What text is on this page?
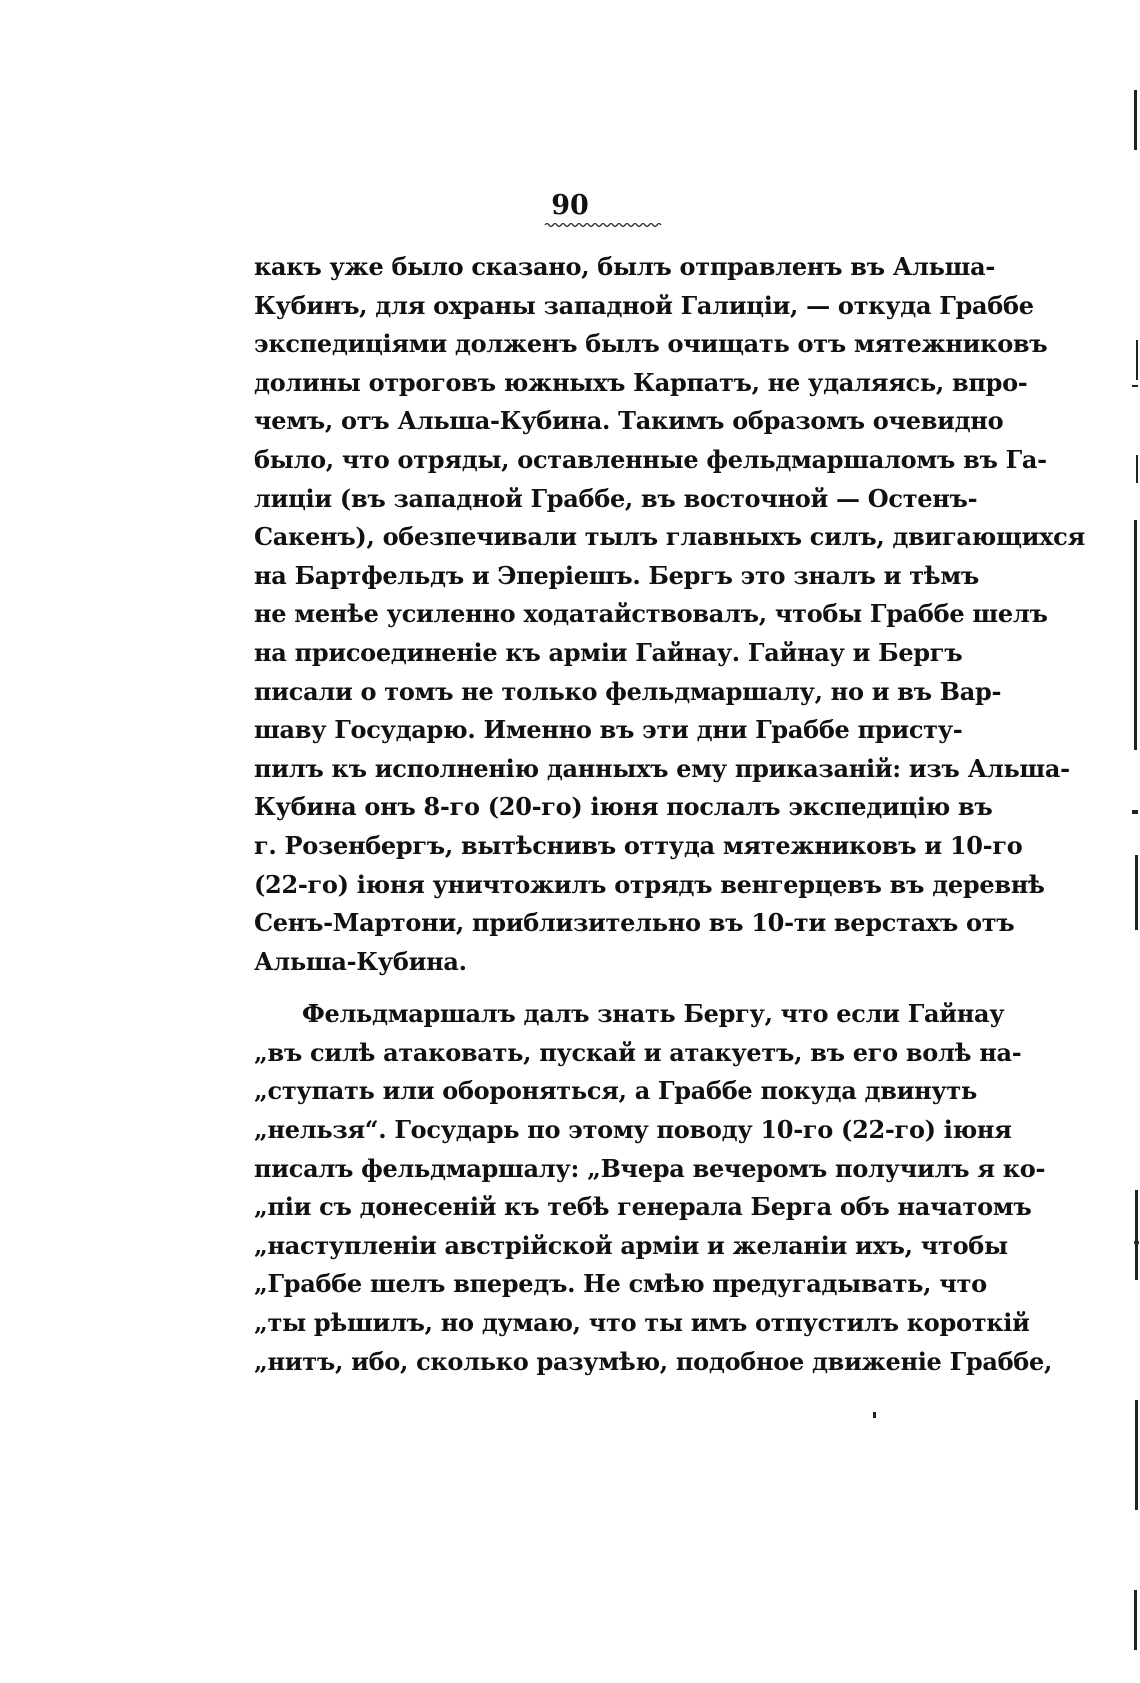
90
какъ уже было сказано, былъ отправленъ въ Альша-
Кубинъ, для охраны западной Галиціи, — откуда Граббе
экспедиціями долженъ былъ очищать отъ мятежниковъ
долины отроговъ южныхъ Карпатъ, не удаляясь, впро-
чемъ, отъ Альша-Кубина. Такимъ образомъ очевидно
было, что отряды, оставленные фельдмаршаломъ въ Га-
лиціи (въ западной Граббе, въ восточной — Остенъ-
Сакенъ), обезпечивали тылъ главныхъ силъ, двигающихся
на Бартфельдъ и Эперіешъ. Бергъ это зналъ и тѣмъ
не менѣе усиленно ходатайствовалъ, чтобы Граббе шелъ
на присоединеніе къ арміи Гайнау. Гайнау и Бергъ
писали о томъ не только фельдмаршалу, но и въ Вар-
шаву Государю. Именно въ эти дни Граббе присту-
пилъ къ исполненію данныхъ ему приказаній: изъ Альша-
Кубина онъ 8-го (20-го) іюня послалъ экспедицію въ
г. Розенбергъ, вытѣснивъ оттуда мятежниковъ и 10-го
(22-го) іюня уничтожилъ отрядъ венгерцевъ въ деревнѣ
Сенъ-Мартони, приблизительно въ 10-ти верстахъ отъ
Альша-Кубина.
Фельдмаршалъ далъ знать Бергу, что если Гайнау
„въ силѣ атаковать, пускай и атакуетъ, въ его волѣ на-
„ступать или обороняться, а Граббе покуда двинуть
„нельзя“. Государь по этому поводу 10-го (22-го) іюня
писалъ фельдмаршалу: „Вчера вечеромъ получилъ я ко-
„піи съ донесеній къ тебѣ генерала Берга объ начатомъ
„наступленіи австрійской арміи и желаніи ихъ, чтобы
„Граббе шелъ впередъ. Не смѣю предугадывать, что
„ты рѣшилъ, но думаю, что ты имъ отпустилъ короткій
„нитъ, ибо, сколько разумѣю, подобное движеніе Граббе,
